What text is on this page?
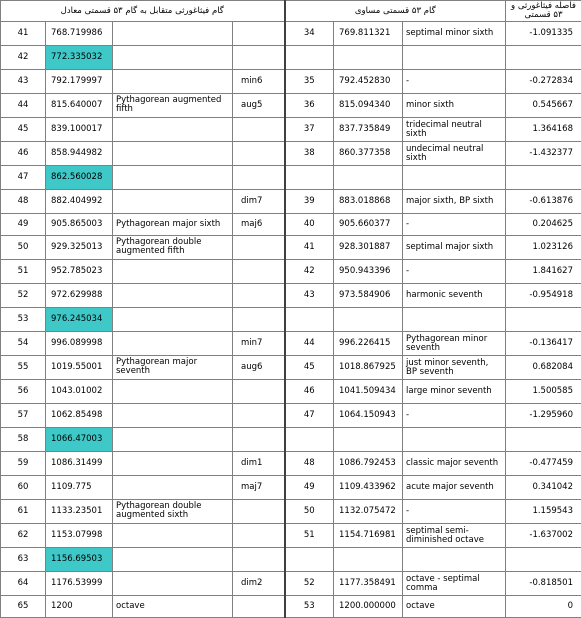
گام فیثاغورثی متقابل به گام ۵۳ قسمتی معادل				گام ۵۳ قسمتی مساوی			فاصله فیثاغورثی و ۵۳ قسمتی
41	768.719986			34	769.811321	septimal minor sixth	-1.091335
42	772.335032						
43	792.179997		min6	35	792.452830	-	-0.272834
44	815.640007	Pythagorean augmented fifth	aug5	36	815.094340	minor sixth	0.545667
45	839.100017			37	837.735849	tridecimal neutral sixth	1.364168
46	858.944982			38	860.377358	undecimal neutral sixth	-1.432377
47	862.560028						
48	882.404992		dim7	39	883.018868	major sixth, BP sixth	-0.613876
49	905.865003	Pythagorean major sixth	maj6	40	905.660377	-	0.204625
50	929.325013	Pythagorean double augmented fifth		41	928.301887	septimal major sixth	1.023126
51	952.785023			42	950.943396	-	1.841627
52	972.629988			43	973.584906	harmonic seventh	-0.954918
53	976.245034						
54	996.089998		min7	44	996.226415	Pythagorean minor seventh	-0.136417
55	1019.55001	Pythagorean major seventh	aug6	45	1018.867925	just minor seventh, BP seventh	0.682084
56	1043.01002			46	1041.509434	large minor seventh	1.500585
57	1062.85498			47	1064.150943	-	-1.295960
58	1066.47003						
59	1086.31499		dim1	48	1086.792453	classic major seventh	-0.477459
60	1109.775		maj7	49	1109.433962	acute major seventh	0.341042
61	1133.23501	Pythagorean double augmented sixth		50	1132.075472	-	1.159543
62	1153.07998			51	1154.716981	septimal semi-diminished octave	-1.637002
63	1156.69503						
64	1176.53999		dim2	52	1177.358491	octave - septimal comma	-0.818501
65	1200	octave		53	1200.000000	octave	0
